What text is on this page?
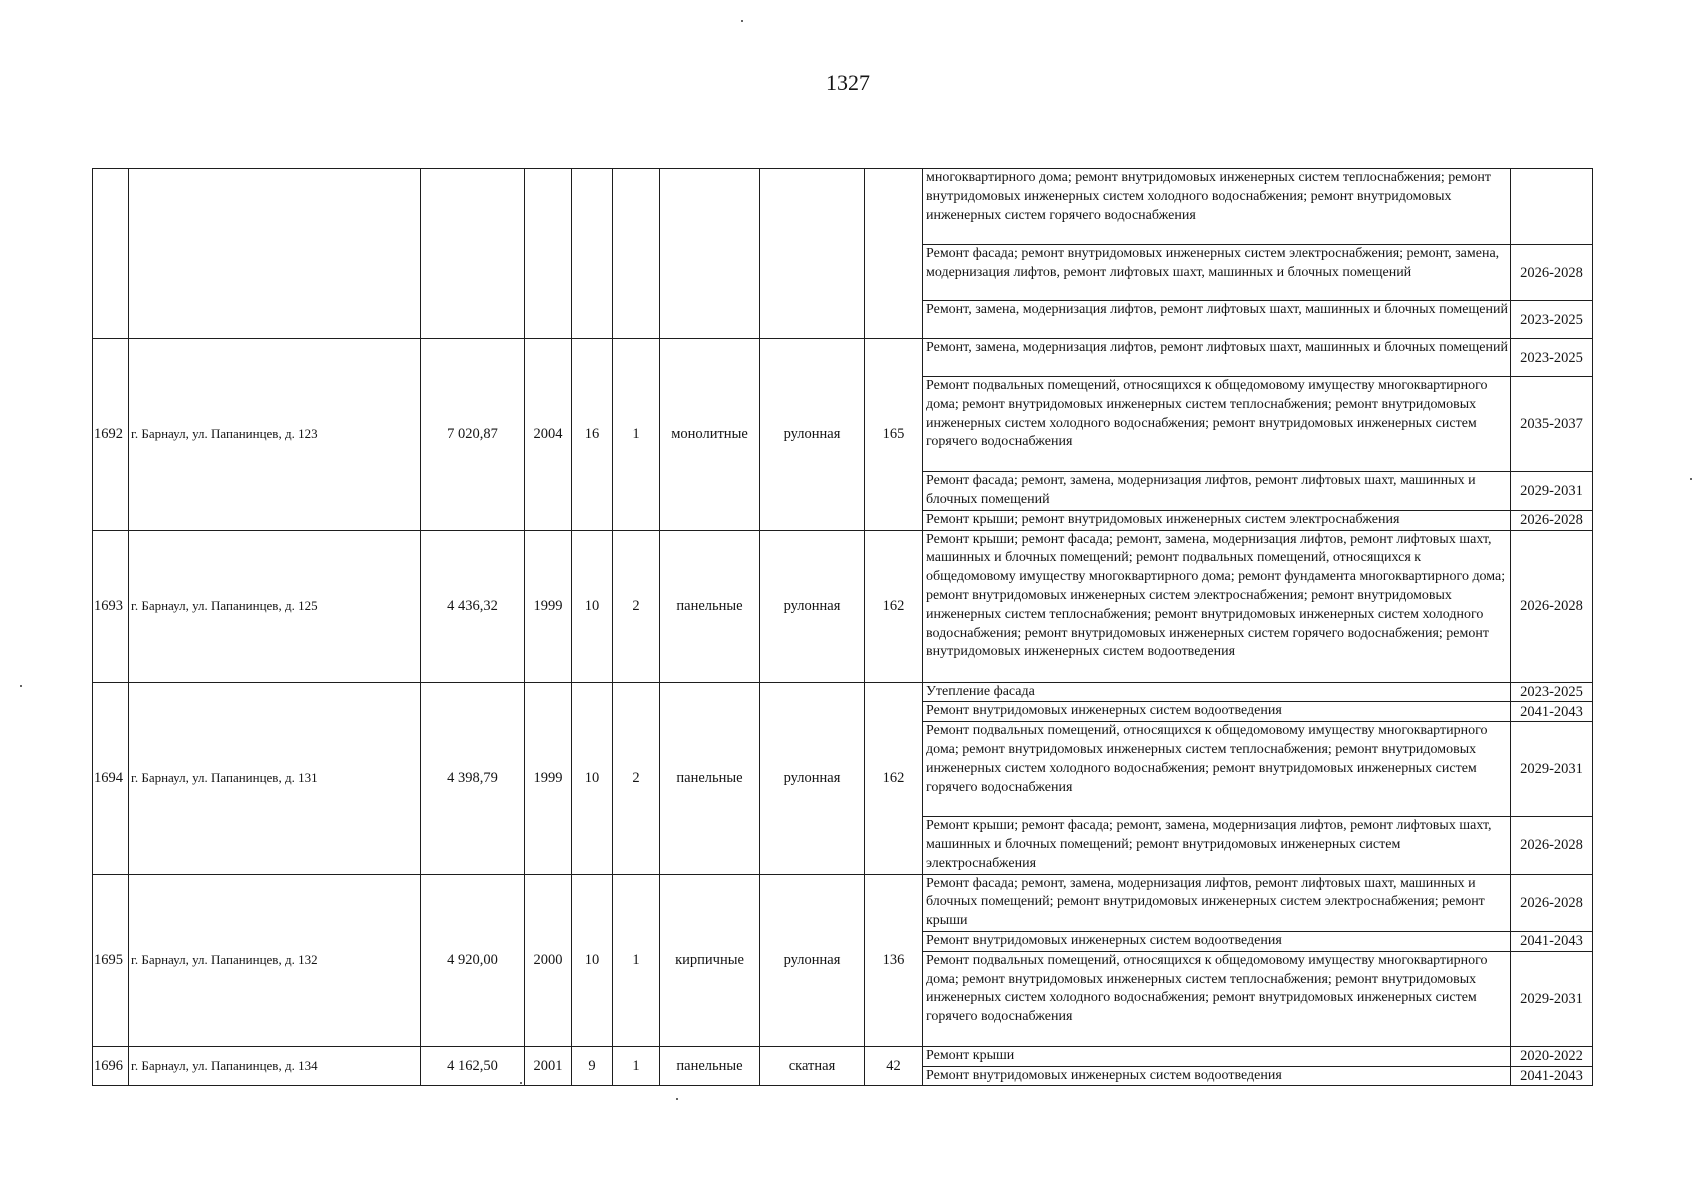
1327
									многоквартирного дома; ремонт внутридомовых инженерных систем теплоснабжения; ремонт внутридомовых инженерных систем холодного водоснабжения; ремонт внутридомовых инженерных систем горячего водоснабжения	
									Ремонт фасада; ремонт внутридомовых инженерных систем электроснабжения; ремонт, замена, модернизация лифтов, ремонт лифтовых шахт, машинных и блочных помещений	2026-2028
									Ремонт, замена, модернизация лифтов, ремонт лифтовых шахт, машинных и блочных помещений	2023-2025
1692	г. Барнаул, ул. Папанинцев, д. 123	7 020,87	2004	16	1	монолитные	рулонная	165	Ремонт, замена, модернизация лифтов, ремонт лифтовых шахт, машинных и блочных помещений	2023-2025
									Ремонт подвальных помещений, относящихся к общедомовому имуществу многоквартирного дома; ремонт внутридомовых инженерных систем теплоснабжения; ремонт внутридомовых инженерных систем холодного водоснабжения; ремонт внутридомовых инженерных систем горячего водоснабжения	2035-2037
									Ремонт фасада; ремонт, замена, модернизация лифтов, ремонт лифтовых шахт, машинных и блочных помещений	2029-2031
									Ремонт крыши; ремонт внутридомовых инженерных систем электроснабжения	2026-2028
1693	г. Барнаул, ул. Папанинцев, д. 125	4 436,32	1999	10	2	панельные	рулонная	162	Ремонт крыши; ремонт фасада; ремонт, замена, модернизация лифтов, ремонт лифтовых шахт, машинных и блочных помещений; ремонт подвальных помещений, относящихся к общедомовому имуществу многоквартирного дома; ремонт фундамента многоквартирного дома; ремонт внутридомовых инженерных систем электроснабжения; ремонт внутридомовых инженерных систем теплоснабжения; ремонт внутридомовых инженерных систем холодного водоснабжения; ремонт внутридомовых инженерных систем горячего водоснабжения; ремонт внутридомовых инженерных систем водоотведения	2026-2028
1694	г. Барнаул, ул. Папанинцев, д. 131	4 398,79	1999	10	2	панельные	рулонная	162	Утепление фасада	2023-2025
									Ремонт внутридомовых инженерных систем водоотведения	2041-2043
									Ремонт подвальных помещений, относящихся к общедомовому имуществу многоквартирного дома; ремонт внутридомовых инженерных систем теплоснабжения; ремонт внутридомовых инженерных систем холодного водоснабжения; ремонт внутридомовых инженерных систем горячего водоснабжения	2029-2031
									Ремонт крыши; ремонт фасада; ремонт, замена, модернизация лифтов, ремонт лифтовых шахт, машинных и блочных помещений; ремонт внутридомовых инженерных систем электроснабжения	2026-2028
1695	г. Барнаул, ул. Папанинцев, д. 132	4 920,00	2000	10	1	кирпичные	рулонная	136	Ремонт фасада; ремонт, замена, модернизация лифтов, ремонт лифтовых шахт, машинных и блочных помещений; ремонт внутридомовых инженерных систем электроснабжения; ремонт крыши	2026-2028
									Ремонт внутридомовых инженерных систем водоотведения	2041-2043
									Ремонт подвальных помещений, относящихся к общедомовому имуществу многоквартирного дома; ремонт внутридомовых инженерных систем теплоснабжения; ремонт внутридомовых инженерных систем холодного водоснабжения; ремонт внутридомовых инженерных систем горячего водоснабжения	2029-2031
1696	г. Барнаул, ул. Папанинцев, д. 134	4 162,50	2001	9	1	панельные	скатная	42	Ремонт крыши	2020-2022
									Ремонт внутридомовых инженерных систем водоотведения	2041-2043
